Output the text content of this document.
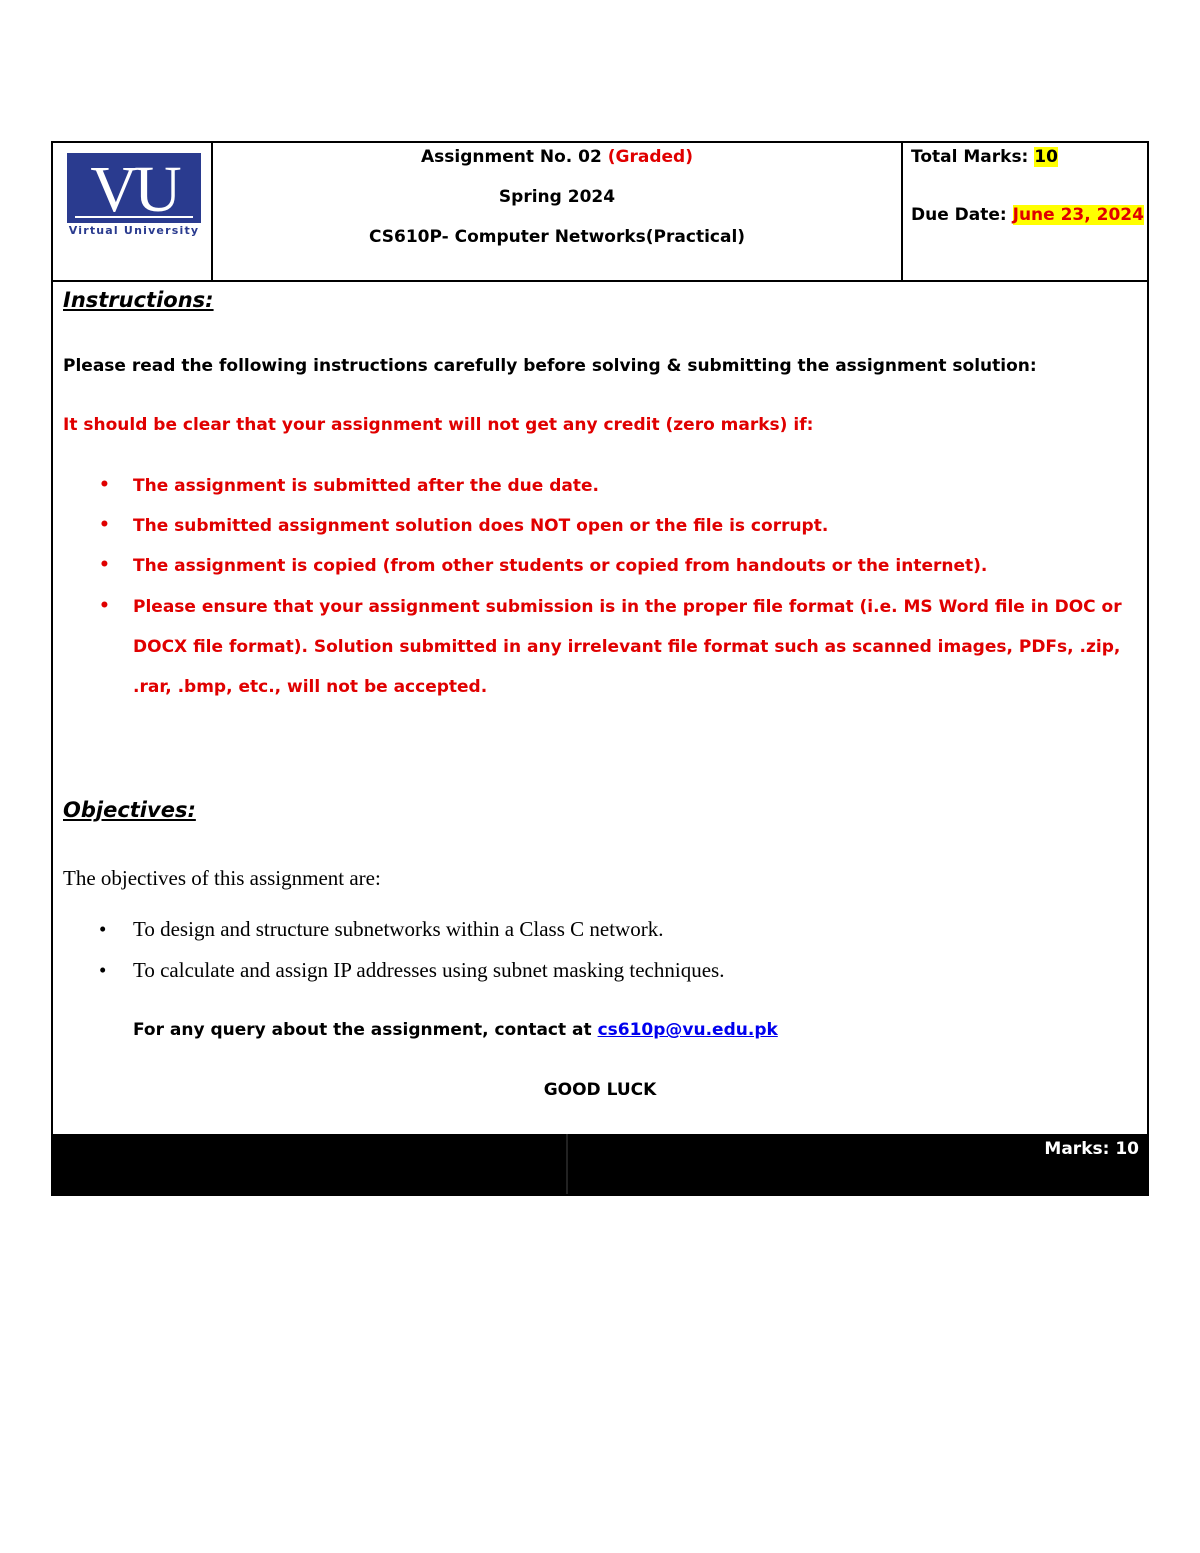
VU
Virtual University
Assignment No. 02 (Graded)
Spring 2024
CS610P- Computer Networks(Practical)
Total Marks: 10
Due Date: June 23, 2024
Instructions:
Please read the following instructions carefully before solving & submitting the assignment solution:
It should be clear that your assignment will not get any credit (zero marks) if:
• The assignment is submitted after the due date.
• The submitted assignment solution does NOT open or the file is corrupt.
• The assignment is copied (from other students or copied from handouts or the internet).
• Please ensure that your assignment submission is in the proper file format (i.e. MS Word file in DOC or DOCX file format). Solution submitted in any irrelevant file format such as scanned images, PDFs, .zip, .rar, .bmp, etc., will not be accepted.
Objectives:
The objectives of this assignment are:
• To design and structure subnetworks within a Class C network.
• To calculate and assign IP addresses using subnet masking techniques.
For any query about the assignment, contact at cs610p@vu.edu.pk
GOOD LUCK
Marks: 10
